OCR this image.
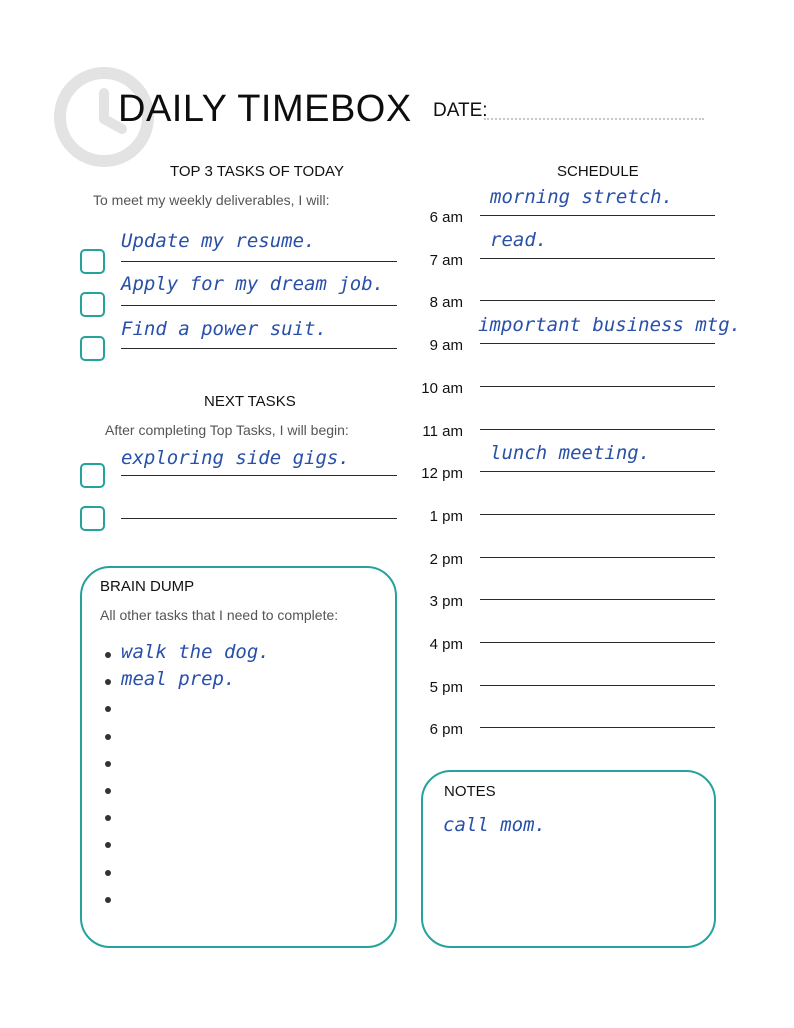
DAILY TIMEBOX DATE:
TOP 3 TASKS OF TODAY
To meet my weekly deliverables, I will:
Update my resume.
Apply for my dream job.
Find a power suit.
NEXT TASKS
After completing Top Tasks, I will begin:
exploring side gigs.
BRAIN DUMP
All other tasks that I need to complete:
walk the dog.
meal prep.
SCHEDULE
6 am
morning stretch.
7 am
read.
8 am
9 am
important business mtg.
10 am
11 am
12 pm
lunch meeting.
1 pm
2 pm
3 pm
4 pm
5 pm
6 pm
NOTES
call mom.
